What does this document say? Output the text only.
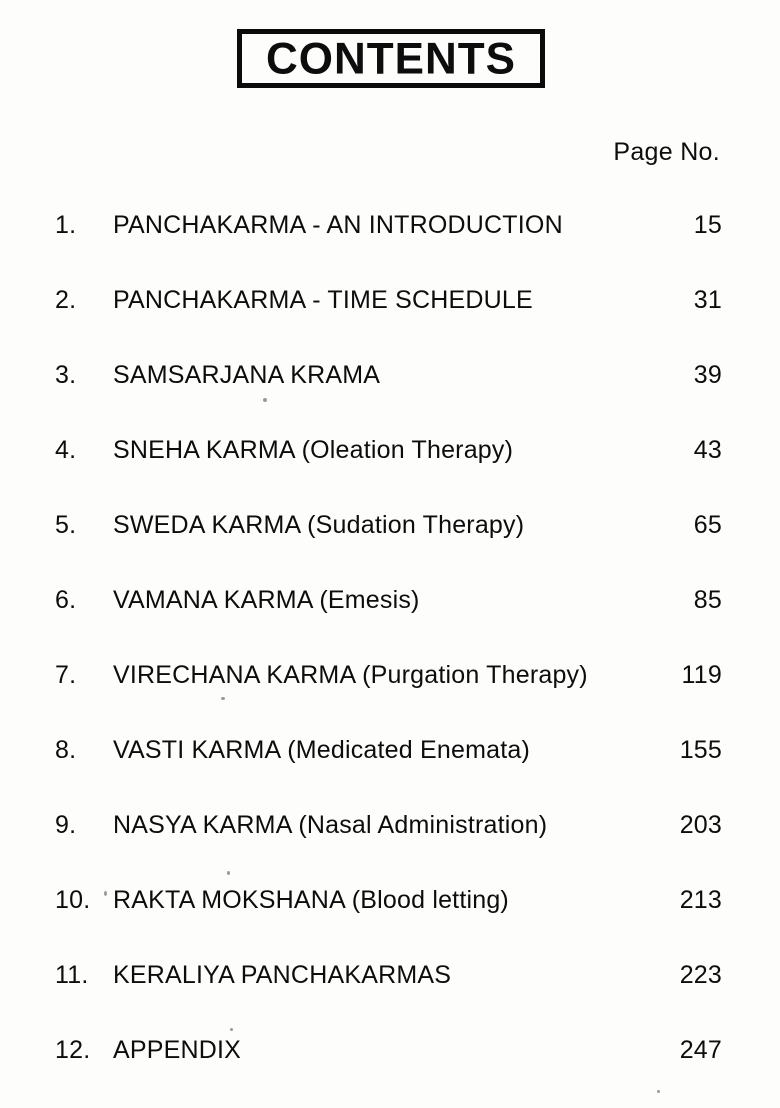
CONTENTS
Page No.
1.	PANCHAKARMA - AN INTRODUCTION	15
2.	PANCHAKARMA - TIME SCHEDULE	31
3.	SAMSARJANA KRAMA	39
4.	SNEHA KARMA (Oleation Therapy)	43
5.	SWEDA KARMA (Sudation Therapy)	65
6.	VAMANA KARMA (Emesis)	85
7.	VIRECHANA KARMA (Purgation Therapy)	119
8.	VASTI KARMA (Medicated Enemata)	155
9.	NASYA KARMA (Nasal Administration)	203
10. RAKTA MOKSHANA (Blood letting)	213
11. KERALIYA PANCHAKARMAS	223
12. APPENDIX	247
